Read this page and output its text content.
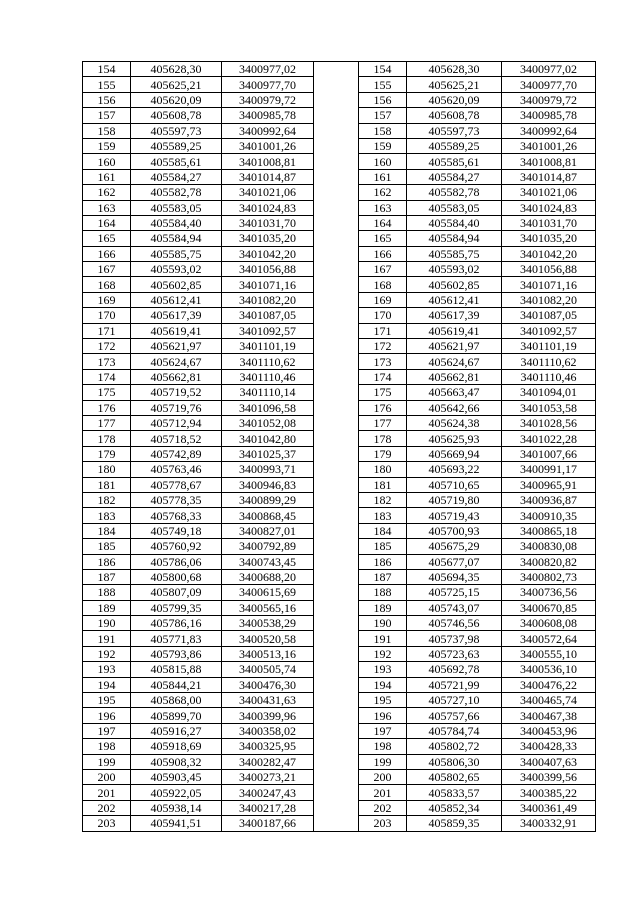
154	405628,30	3400977,02		154	405628,30	3400977,02
155	405625,21	3400977,70		155	405625,21	3400977,70
156	405620,09	3400979,72		156	405620,09	3400979,72
157	405608,78	3400985,78		157	405608,78	3400985,78
158	405597,73	3400992,64		158	405597,73	3400992,64
159	405589,25	3401001,26		159	405589,25	3401001,26
160	405585,61	3401008,81		160	405585,61	3401008,81
161	405584,27	3401014,87		161	405584,27	3401014,87
162	405582,78	3401021,06		162	405582,78	3401021,06
163	405583,05	3401024,83		163	405583,05	3401024,83
164	405584,40	3401031,70		164	405584,40	3401031,70
165	405584,94	3401035,20		165	405584,94	3401035,20
166	405585,75	3401042,20		166	405585,75	3401042,20
167	405593,02	3401056,88		167	405593,02	3401056,88
168	405602,85	3401071,16		168	405602,85	3401071,16
169	405612,41	3401082,20		169	405612,41	3401082,20
170	405617,39	3401087,05		170	405617,39	3401087,05
171	405619,41	3401092,57		171	405619,41	3401092,57
172	405621,97	3401101,19		172	405621,97	3401101,19
173	405624,67	3401110,62		173	405624,67	3401110,62
174	405662,81	3401110,46		174	405662,81	3401110,46
175	405719,52	3401110,14		175	405663,47	3401094,01
176	405719,76	3401096,58		176	405642,66	3401053,58
177	405712,94	3401052,08		177	405624,38	3401028,56
178	405718,52	3401042,80		178	405625,93	3401022,28
179	405742,89	3401025,37		179	405669,94	3401007,66
180	405763,46	3400993,71		180	405693,22	3400991,17
181	405778,67	3400946,83		181	405710,65	3400965,91
182	405778,35	3400899,29		182	405719,80	3400936,87
183	405768,33	3400868,45		183	405719,43	3400910,35
184	405749,18	3400827,01		184	405700,93	3400865,18
185	405760,92	3400792,89		185	405675,29	3400830,08
186	405786,06	3400743,45		186	405677,07	3400820,82
187	405800,68	3400688,20		187	405694,35	3400802,73
188	405807,09	3400615,69		188	405725,15	3400736,56
189	405799,35	3400565,16		189	405743,07	3400670,85
190	405786,16	3400538,29		190	405746,56	3400608,08
191	405771,83	3400520,58		191	405737,98	3400572,64
192	405793,86	3400513,16		192	405723,63	3400555,10
193	405815,88	3400505,74		193	405692,78	3400536,10
194	405844,21	3400476,30		194	405721,99	3400476,22
195	405868,00	3400431,63		195	405727,10	3400465,74
196	405899,70	3400399,96		196	405757,66	3400467,38
197	405916,27	3400358,02		197	405784,74	3400453,96
198	405918,69	3400325,95		198	405802,72	3400428,33
199	405908,32	3400282,47		199	405806,30	3400407,63
200	405903,45	3400273,21		200	405802,65	3400399,56
201	405922,05	3400247,43		201	405833,57	3400385,22
202	405938,14	3400217,28		202	405852,34	3400361,49
203	405941,51	3400187,66		203	405859,35	3400332,91
